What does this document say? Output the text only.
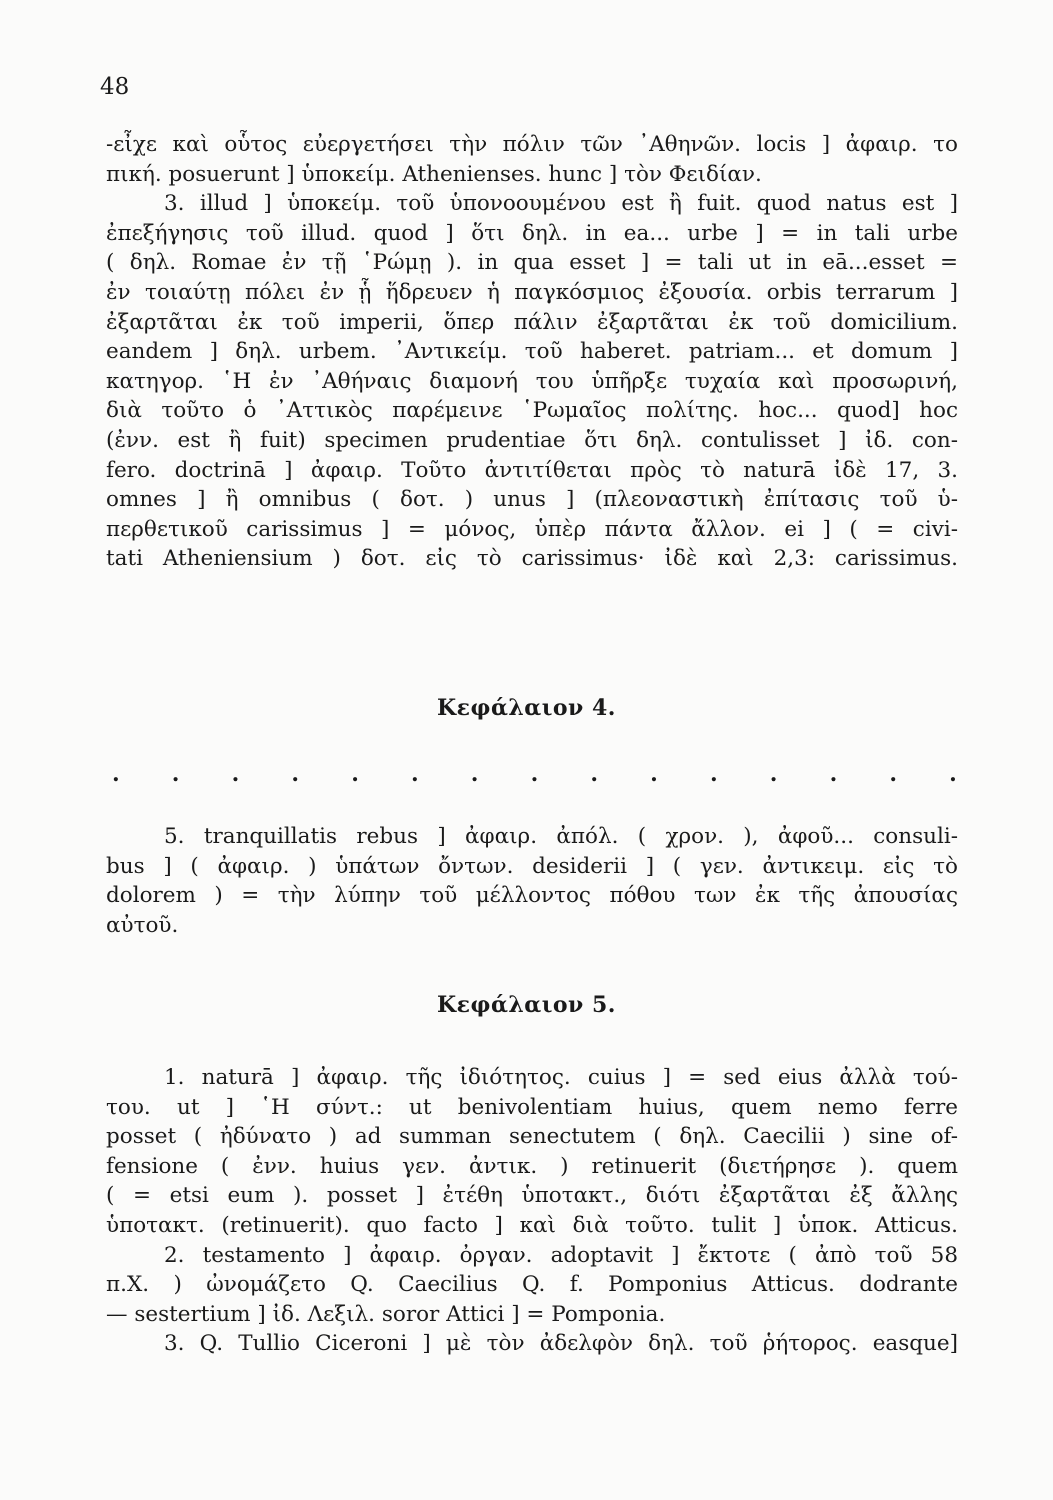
48
-εἶχε καὶ οὗτος εὐεργετήσει τὴν πόλιν τῶν ᾿Αθηνῶν. locis ] ἀφαιρ. το
πική. posuerunt ] ὑποκείμ. Athenienses. hunc ] τὸν Φειδίαν.
3. illud ] ὑποκείμ. τοῦ ὑπονοουμένου est ἢ fuit. quod natus est ]
ἐπεξήγησις τοῦ illud. quod ] ὅτι δηλ. in ea... urbe ] = in tali urbe
( δηλ. Romae ἐν τῇ ῾Ρώμῃ ). in qua esset ] = tali ut in eā...esset =
ἐν τοιαύτῃ πόλει ἐν ᾗ ἥδρευεν ἡ παγκόσμιος ἐξουσία. orbis terrarum ]
ἐξαρτᾶται ἐκ τοῦ imperii, ὅπερ πάλιν ἐξαρτᾶται ἐκ τοῦ domicilium.
eandem ] δηλ. urbem. ᾿Αντικείμ. τοῦ haberet. patriam... et domum ]
κατηγορ. ῾Η ἐν ᾿Αθήναις διαμονή του ὑπῆρξε τυχαία καὶ προσωρινή,
διὰ τοῦτο ὁ ᾿Αττικὸς παρέμεινε ῾Ρωμαῖος πολίτης. hoc... quod] hoc
(ἐνν. est ἢ fuit) specimen prudentiae ὅτι δηλ. contulisset ] ἰδ. con-
fero. doctrinā ] ἀφαιρ. Τοῦτο ἀντιτίθεται πρὸς τὸ naturā ἰδὲ 17, 3.
omnes ] ἢ omnibus ( δοτ. ) unus ] (πλεοναστικὴ ἐπίτασις τοῦ ὑ-
περθετικοῦ carissimus ] = μόνος, ὑπὲρ πάντα ἄλλον. ei ] ( = civi-
tati Atheniensium ) δοτ. εἰς τὸ carissimus· ἰδὲ καὶ 2,3: carissimus.
Κεφάλαιον 4.
. . . . . . . . . . . . . . .
5. tranquillatis rebus ] ἀφαιρ. ἀπόλ. ( χρον. ), ἀφοῦ... consuli-
bus ] ( ἀφαιρ. ) ὑπάτων ὄντων. desiderii ] ( γεν. ἀντικειμ. εἰς τὸ
dolorem ) = τὴν λύπην τοῦ μέλλοντος πόθου των ἐκ τῆς ἀπουσίας
αὐτοῦ.
Κεφάλαιον 5.
1. naturā ] ἀφαιρ. τῆς ἰδιότητος. cuius ] = sed eius ἀλλὰ τού-
του. ut ] ῾Η σύντ.: ut benivolentiam huius, quem nemo ferre
posset ( ἠδύνατο ) ad summan senectutem ( δηλ. Caecilii ) sine of-
fensione ( ἐνν. huius γεν. ἀντικ. ) retinuerit (διετήρησε ). quem
( = etsi eum ). posset ] ἐτέθη ὑποτακτ., διότι ἐξαρτᾶται ἐξ ἄλλης
ὑποτακτ. (retinuerit). quo facto ] καὶ διὰ τοῦτο. tulit ] ὑποκ. Atticus.
2. testamento ] ἀφαιρ. ὀργαν. adoptavit ] ἔκτοτε ( ἀπὸ τοῦ 58
π.Χ. ) ὠνομάζετο Q. Caecilius Q. f. Pomponius Atticus. dodrante
— sestertium ] ἰδ. Λεξιλ. soror Attici ] = Pomponia.
3. Q. Tullio Ciceroni ] μὲ τὸν ἀδελφὸν δηλ. τοῦ ῥήτορος. easque]
